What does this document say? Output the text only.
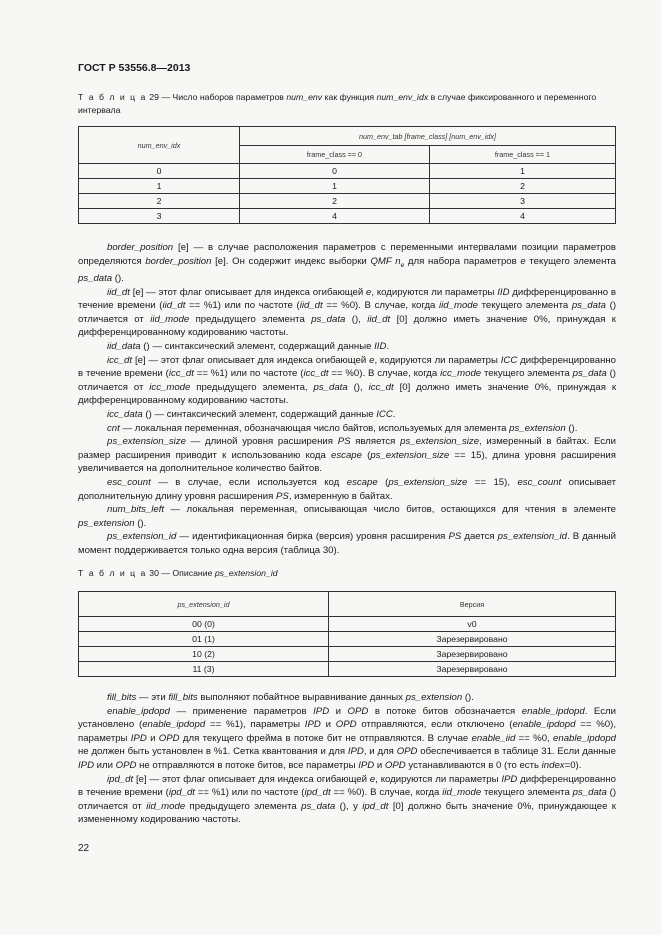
ГОСТ Р 53556.8—2013
Т а б л и ц а 29 — Число наборов параметров num_env как функция num_env_idx в случае фиксированного и переменного интервала
num_env_idx	num_env_tab [frame_class] [num_env_idx]	
	frame_class == 0	frame_class == 1
0	0	1
1	1	2
2	2	3
3	4	4

border_position [e] — в случае расположения параметров с переменными интервалами позиции параметров определяются border_position [e]. Он содержит индекс выборки QMF $n_e$ для набора параметров e текущего элемента ps_data ().

iid_dt [e] — этот флаг описывает для индекса огибающей e, кодируются ли параметры IID дифференцированно в течение времени (iid_dt == %1) или по частоте (iid_dt == %0). В случае, когда iid_mode текущего элемента ps_data () отличается от iid_mode предыдущего элемента ps_data (), iid_dt [0] должно иметь значение 0%, принуждая к дифференцированному кодированию частоты.

iid_data () — синтаксический элемент, содержащий данные IID.

icc_dt [e] — этот флаг описывает для индекса огибающей e, кодируются ли параметры ICC дифференцированно в течение времени (icc_dt == %1) или по частоте (icc_dt == %0). В случае, когда icc_mode текущего элемента ps_data () отличается от icc_mode предыдущего элемента, ps_data (), icc_dt [0] должно иметь значение 0%, принуждая к дифференцированному кодированию частоты.

icc_data () — синтаксический элемент, содержащий данные ICC.

cnt — локальная переменная, обозначающая число байтов, используемых для элемента ps_extension ().

ps_extension_size — длиной уровня расширения PS является ps_extension_size, измеренный в байтах. Если размер расширения приводит к использованию кода escape (ps_extension_size == 15), длина уровня расширения увеличивается на дополнительное количество байтов.

esc_count — в случае, если используется код escape (ps_extension_size == 15), esc_count описывает дополнительную длину уровня расширения PS, измеренную в байтах.

num_bits_left — локальная переменная, описывающая число битов, остающихся для чтения в элементе ps_extension ().

ps_extension_id — идентификационная бирка (версия) уровня расширения PS дается ps_extension_id. В данный момент поддерживается только одна версия (таблица 30).

Т а б л и ц а 30 — Описание ps_extension_id
ps_extension_id	Версия
00 (0)	v0
01 (1)	Зарезервировано
10 (2)	Зарезервировано
11 (3)	Зарезервировано

fill_bits — эти fill_bits выполняют побайтное выравнивание данных ps_extension ().

enable_ipdopd — применение параметров IPD и OPD в потоке битов обозначается enable_ipdopd. Если установлено (enable_ipdopd == %1), параметры IPD и OPD отправляются, если отключено (enable_ipdopd == %0), параметры IPD и OPD для текущего фрейма в потоке бит не отправляются. В случае enable_iid == %0, enable_ipdopd не должен быть установлен в %1. Сетка квантования и для IPD, и для OPD обеспечивается в таблице 31. Если данные IPD или OPD не отправляются в потоке битов, все параметры IPD и OPD устанавливаются в 0 (то есть index=0).

ipd_dt [e] — этот флаг описывает для индекса огибающей e, кодируются ли параметры IPD дифференцированно в течение времени (ipd_dt == %1) или по частоте (ipd_dt == %0). В случае, когда iid_mode текущего элемента ps_data () отличается от iid_mode предыдущего элемента ps_data (), у ipd_dt [0] должно быть значение 0%, принуждающее к измененному кодированию частоты.

22
